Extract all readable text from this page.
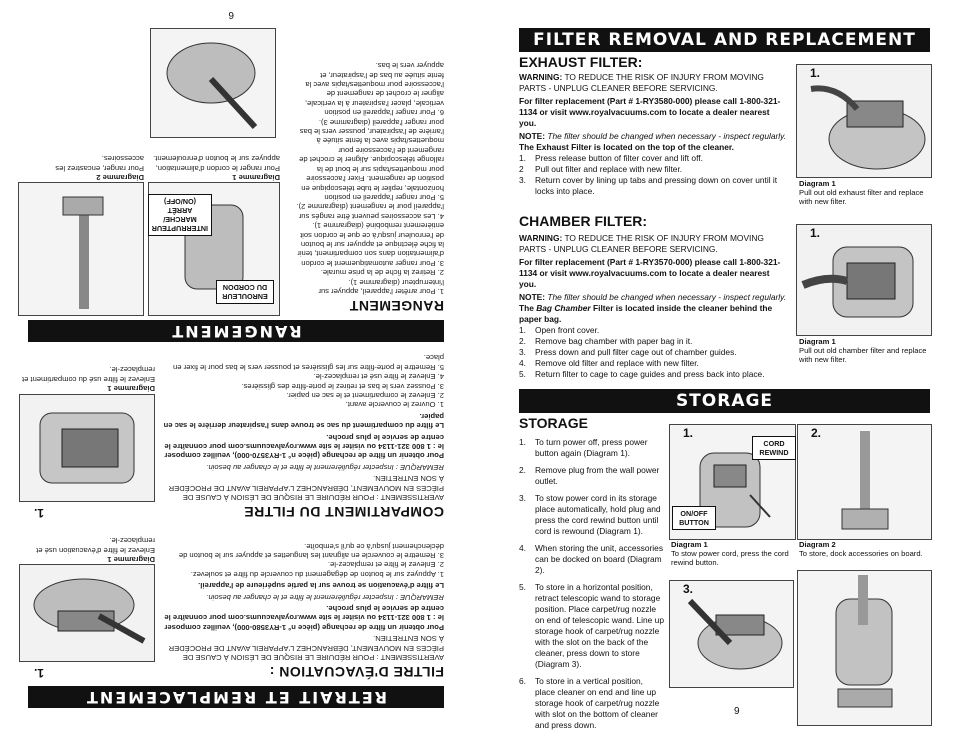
6
RETRAIT ET REMPLACEMENT
FILTRE D'ÉVACUATION :
1.
AVERTISSEMENT : POUR RÉDUIRE LE RISQUE DE LÉSION À CAUSE DE PIÈCES EN MOUVEMENT, DÉBRANCHEZ L'APPAREIL AVANT DE PROCÉDER À SON ENTRETIEN.
Pour obtenir un filtre de rechange (pièce n° 1-RY3580-000), veuillez composer le : 1 800 321-1134 ou visiter le site www.royalvacuums.com pour connaître le centre de service le plus proche.
REMARQUE : Inspecter régulièrement le filtre et le changer au besoin.
Le filtre d'évacuation se trouve sur la partie supérieure de l'appareil.
1. Appuyez sur le bouton de dégagement du couvercle du filtre et soulevez.
2. Enlevez le filtre et remplacez-le.
3. Remettre le couvercle en alignant les languettes et appuyer sur le bouton de déclenchement jusqu'à ce qu'il s'emboîte.
Diagramme 1
Enlevez le filtre d'évacuation usé et remplacez-le.
COMPARTIMENT DU FILTRE
1.
AVERTISSEMENT : POUR RÉDUIRE LE RISQUE DE LÉSION À CAUSE DE PIÈCES EN MOUVEMENT, DÉBRANCHEZ L'APPAREIL AVANT DE PROCÉDER À SON ENTRETIEN.
REMARQUE : Inspecter régulièrement le filtre et le changer au besoin.
Pour obtenir un filtre de rechange (pièce n° 1-RY3570-000), veuillez composer le : 1 800 321-1134 ou visiter le site www.royalvacuums.com pour connaître le centre de service le plus proche.
Le filtre du compartiment du sac se trouve dans l'aspirateur derrière le sac en papier.
1. Ouvrez le couvercle avant.
2. Enlevez le compartiment et le sac en papier.
3. Poussez vers le bas et retirez le porte-filtre des glissières.
4. Enlevez le filtre usé et remplacez-le.
5. Remettre le porte-filtre sur les glissières et pousser vers le bas pour le fixer en place.
Diagramme 1
Enlevez le filtre usé du compartiment et remplacez-le.
RANGEMENT
RANGEMENT
1. Pour arrêter l'appareil, appuyer sur l'interrupteur (diagramme 1).
2. Retirez la fiche de la prise murale.
3. Pour ranger automatiquement le cordon d'alimentation dans son compartiment, tenir la fiche électrique et appuyer sur le bouton de l'enrouleur jusqu'à ce que le cordon soit entièrement rembobiné (diagramme 1).
4. Les accessoires peuvent être rangés sur l'appareil pour le rangement (diagramme 2).
5. Pour ranger l'appareil en position horizontale, replier le tube télescopique en position de rangement. Fixer l'accessoire pour moquettes/tapis sur le bout de la rallonge télescopique. Aligner le crochet de rangement de l'accessoire pour moquettes/tapis avec la fente située à l'arrière de l'aspirateur, pousser vers le bas pour ranger l'appareil (diagramme 3).
6. Pour ranger l'appareil en position verticale, placer l'aspirateur à la verticale, aligner le crochet de rangement de l'accessoire pour moquettes/tapis avec la fente située au bas de l'aspirateur, et appuyer vers le bas.
ENROULEUR DU CORDON
INTERRUPTEUR MARCHE/ ARRÊT (ON/OFF)
Diagramme 1
Pour ranger le cordon d'alimentation, appuyez sur le bouton d'enroulement.
Diagramme 2
Pour ranger, encastrez les accessoires.
FILTER REMOVAL AND REPLACEMENT
EXHAUST FILTER:

WARNING: TO REDUCE THE RISK OF INJURY FROM MOVING PARTS - UNPLUG CLEANER BEFORE SERVICING.

For filter replacement (Part # 1-RY3580-000) please call 1-800-321-1134 or visit www.royalvacuums.com to locate a dealer nearest you.

NOTE: The filter should be changed when necessary - inspect regularly.

The Exhaust Filter is located on the top of the cleaner.

1. Press release button of filter cover and lift off.
2 Pull out filter and replace with new filter.
3. Return cover by lining up tabs and pressing down on cover until it locks into place.
1.
Diagram 1
Pull out old exhaust filter and replace with new filter.
CHAMBER FILTER:

WARNING: TO REDUCE THE RISK OF INJURY FROM MOVING PARTS - UNPLUG CLEANER BEFORE SERVICING.

For filter replacement (Part # 1-RY3570-000) please call 1-800-321-1134 or visit www.royalvacuums.com to locate a dealer nearest you.

NOTE: The filter should be changed when necessary - inspect regularly.

The Bag Chamber Filter is located inside the cleaner behind the paper bag.

1. Open front cover.
2. Remove bag chamber with paper bag in it.
3. Press down and pull filter cage out of chamber guides.
4. Remove old filter and replace with new filter.
5. Return filter to cage to cage guides and press back into place.
1.
Diagram 1
Pull out old chamber filter and replace with new filter.
STORAGE
STORAGE
1. To turn power off, press power button again (Diagram 1).
2. Remove plug from the wall power outlet.
3. To stow power cord in its storage place automatically, hold plug and press the cord rewind button until cord is rewound (Diagram 1).
4. When storing the unit, accessories can be docked on board (Diagram 2).
5. To store in a horizontal position, retract telescopic wand to storage position. Place carpet/rug nozzle on end of telescopic wand. Line up storage hook of carpet/rug nozzle with the slot on the back of the cleaner, press down to store (Diagram 3).
6. To store in a vertical position, place cleaner on end and line up storage hook of carpet/rug nozzle with slot on the bottom of cleaner and press down.
1.
CORD REWIND
ON/OFF BUTTON
Diagram 1
To stow power cord, press the cord rewind button.
2.
Diagram 2
To store, dock accessories on board.
3.
9
